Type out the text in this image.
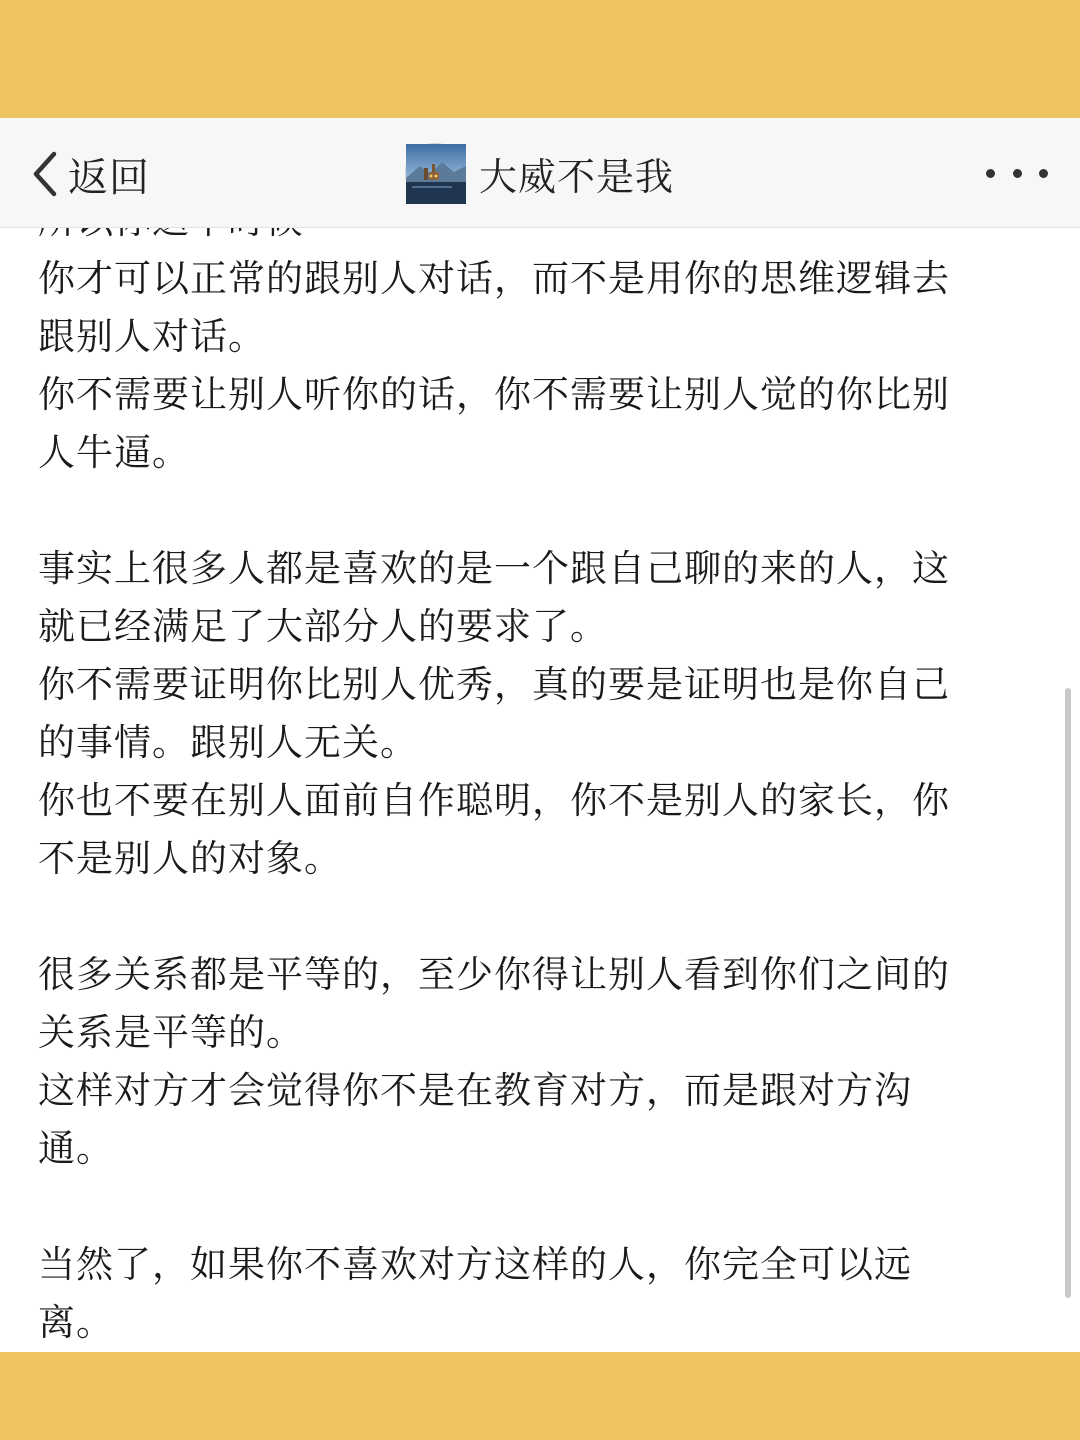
返回	大威不是我
你才可以正常的跟别人对话，而不是用你的思维逻辑去
跟别人对话。
你不需要让别人听你的话，你不需要让别人觉的你比别
人牛逼。
事实上很多人都是喜欢的是一个跟自己聊的来的人，这
就已经满足了大部分人的要求了。
你不需要证明你比别人优秀，真的要是证明也是你自己
的事情。跟别人无关。
你也不要在别人面前自作聪明，你不是别人的家长，你
不是别人的对象。
很多关系都是平等的，至少你得让别人看到你们之间的
关系是平等的。
这样对方才会觉得你不是在教育对方，而是跟对方沟
通。
当然了，如果你不喜欢对方这样的人，你完全可以远
离。
